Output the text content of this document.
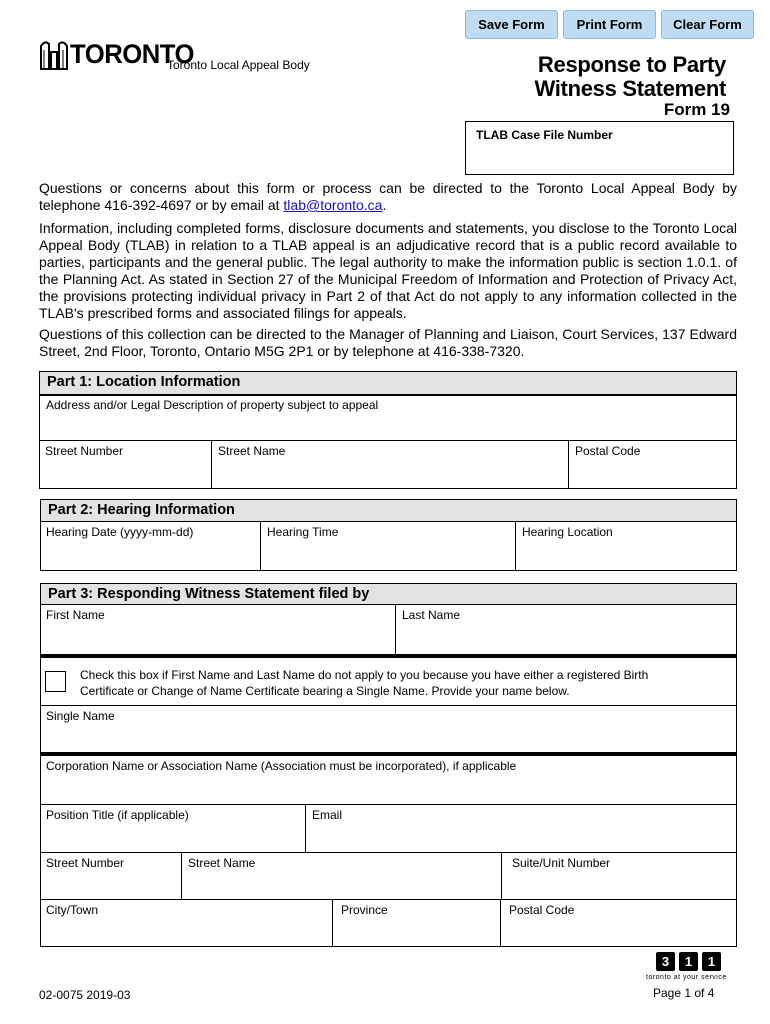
Save Form	Print Form	Clear Form
TORONTO
Toronto Local Appeal Body	Response to Party
Witness Statement
Form 19
TLAB Case File Number
Questions or concerns about this form or process can be directed to the Toronto Local Appeal Body by telephone 416-392-4697 or by email at tlab@toronto.ca.
Information, including completed forms, disclosure documents and statements, you disclose to the Toronto Local Appeal Body (TLAB) in relation to a TLAB appeal is an adjudicative record that is a public record available to parties, participants and the general public. The legal authority to make the information public is section 1.0.1. of the Planning Act. As stated in Section 27 of the Municipal Freedom of Information and Protection of Privacy Act, the provisions protecting individual privacy in Part 2 of that Act do not apply to any information collected in the TLAB's prescribed forms and associated filings for appeals.
Questions of this collection can be directed to the Manager of Planning and Liaison, Court Services, 137 Edward Street, 2nd Floor, Toronto, Ontario M5G 2P1 or by telephone at 416-338-7320.
Part 1: Location Information
Address and/or Legal Description of property subject to appeal
Street Number	Street Name	Postal Code
Part 2: Hearing Information
Hearing Date (yyyy-mm-dd)	Hearing Time	Hearing Location
Part 3: Responding Witness Statement filed by
First Name	Last Name
Check this box if First Name and Last Name do not apply to you because you have either a registered Birth
Certificate or Change of Name Certificate bearing a Single Name. Provide your name below.
Single Name
Corporation Name or Association Name (Association must be incorporated), if applicable
Position Title (if applicable)	Email
Street Number	Street Name	Suite/Unit Number
City/Town	Province	Postal Code
3	1	1
toronto at your service
02-0075 2019-03	Page 1 of 4
